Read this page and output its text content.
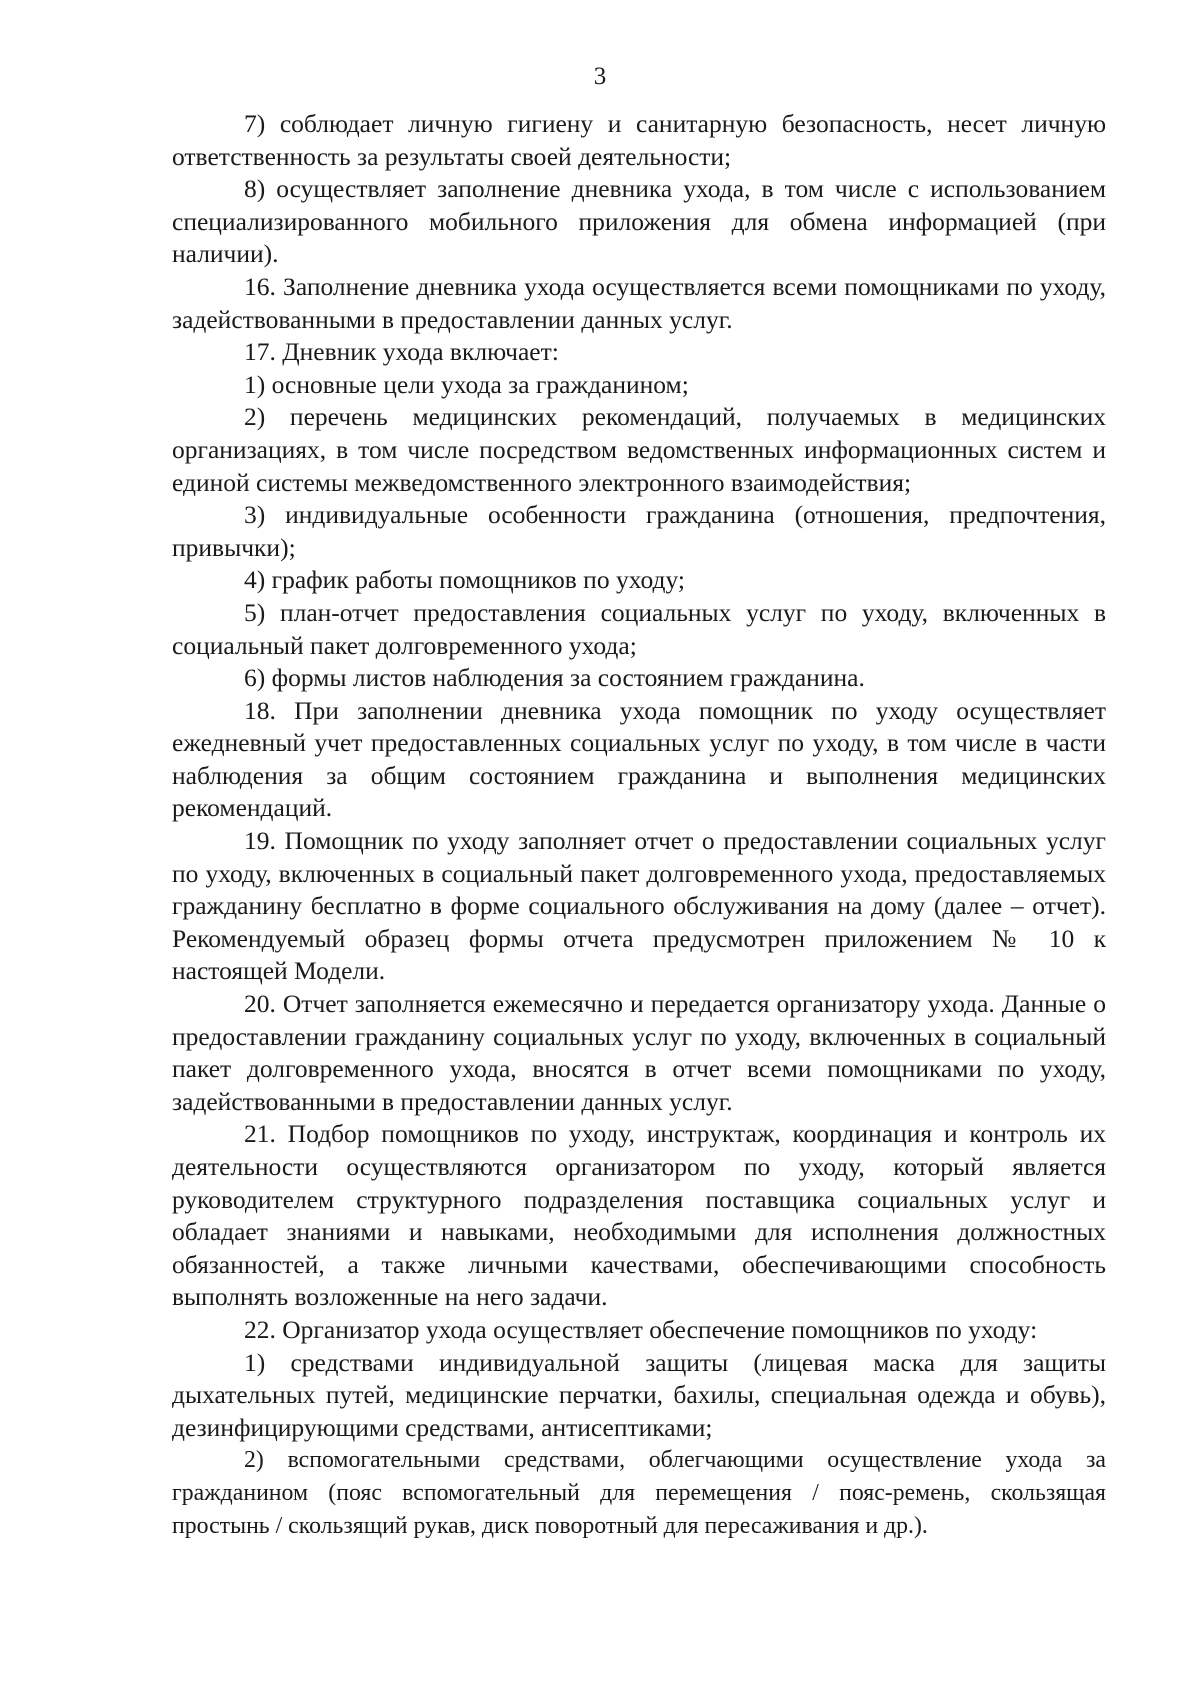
3

7) соблюдает личную гигиену и санитарную безопасность, несет личную ответственность за результаты своей деятельности;

8) осуществляет заполнение дневника ухода, в том числе с использованием специализированного мобильного приложения для обмена информацией (при наличии).

16. Заполнение дневника ухода осуществляется всеми помощниками по уходу, задействованными в предоставлении данных услуг.

17. Дневник ухода включает:

1) основные цели ухода за гражданином;

2) перечень медицинских рекомендаций, получаемых в медицинских организациях, в том числе посредством ведомственных информационных систем и единой системы межведомственного электронного взаимодействия;

3) индивидуальные особенности гражданина (отношения, предпочтения, привычки);

4) график работы помощников по уходу;

5) план-отчет предоставления социальных услуг по уходу, включенных в социальный пакет долговременного ухода;

6) формы листов наблюдения за состоянием гражданина.

18. При заполнении дневника ухода помощник по уходу осуществляет ежедневный учет предоставленных социальных услуг по уходу, в том числе в части наблюдения за общим состоянием гражданина и выполнения медицинских рекомендаций.

19. Помощник по уходу заполняет отчет о предоставлении социальных услуг по уходу, включенных в социальный пакет долговременного ухода, предоставляемых гражданину бесплатно в форме социального обслуживания на дому (далее – отчет). Рекомендуемый образец формы отчета предусмотрен приложением № 10 к настоящей Модели.

20. Отчет заполняется ежемесячно и передается организатору ухода. Данные о предоставлении гражданину социальных услуг по уходу, включенных в социальный пакет долговременного ухода, вносятся в отчет всеми помощниками по уходу, задействованными в предоставлении данных услуг.

21. Подбор помощников по уходу, инструктаж, координация и контроль их деятельности осуществляются организатором по уходу, который является руководителем структурного подразделения поставщика социальных услуг и обладает знаниями и навыками, необходимыми для исполнения должностных обязанностей, а также личными качествами, обеспечивающими способность выполнять возложенные на него задачи.

22. Организатор ухода осуществляет обеспечение помощников по уходу:

1) средствами индивидуальной защиты (лицевая маска для защиты дыхательных путей, медицинские перчатки, бахилы, специальная одежда и обувь), дезинфицирующими средствами, антисептиками;

2) вспомогательными средствами, облегчающими осуществление ухода за гражданином (пояс вспомогательный для перемещения / пояс-ремень, скользящая простынь / скользящий рукав, диск поворотный для пересаживания и др.).
